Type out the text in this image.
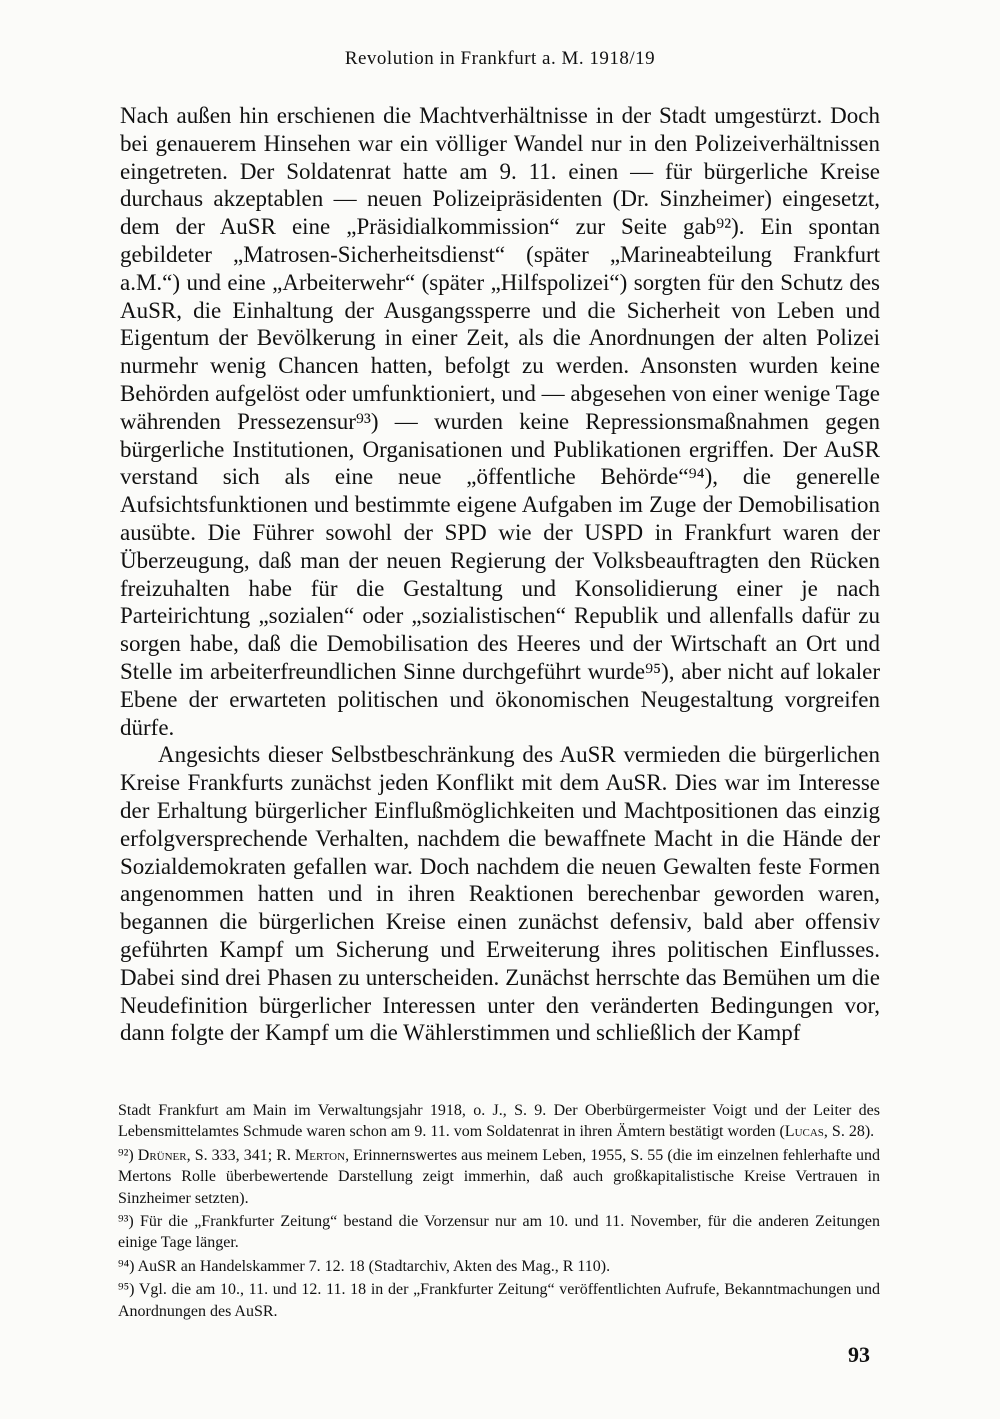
Revolution in Frankfurt a. M. 1918/19

Nach außen hin erschienen die Machtverhältnisse in der Stadt umgestürzt. Doch bei genauerem Hinsehen war ein völliger Wandel nur in den Polizeiverhältnissen eingetreten. Der Soldatenrat hatte am 9. 11. einen — für bürgerliche Kreise durchaus akzeptablen — neuen Polizeipräsidenten (Dr. Sinzheimer) eingesetzt, dem der AuSR eine „Präsidialkommission“ zur Seite gab⁹²). Ein spontan gebildeter „Matrosen-Sicherheitsdienst“ (später „Marineabteilung Frankfurt a.M.“) und eine „Arbeiterwehr“ (später „Hilfspolizei“) sorgten für den Schutz des AuSR, die Einhaltung der Ausgangssperre und die Sicherheit von Leben und Eigentum der Bevölkerung in einer Zeit, als die Anordnungen der alten Polizei nurmehr wenig Chancen hatten, befolgt zu werden. Ansonsten wurden keine Behörden aufgelöst oder umfunktioniert, und — abgesehen von einer wenige Tage währenden Pressezensur⁹³) — wurden keine Repressionsmaßnahmen gegen bürgerliche Institutionen, Organisationen und Publikationen ergriffen. Der AuSR verstand sich als eine neue „öffentliche Behörde“⁹⁴), die generelle Aufsichtsfunktionen und bestimmte eigene Aufgaben im Zuge der Demobilisation ausübte. Die Führer sowohl der SPD wie der USPD in Frankfurt waren der Überzeugung, daß man der neuen Regierung der Volksbeauftragten den Rücken freizuhalten habe für die Gestaltung und Konsolidierung einer je nach Parteirichtung „sozialen“ oder „sozialistischen“ Republik und allenfalls dafür zu sorgen habe, daß die Demobilisation des Heeres und der Wirtschaft an Ort und Stelle im arbeiterfreundlichen Sinne durchgeführt wurde⁹⁵), aber nicht auf lokaler Ebene der erwarteten politischen und ökonomischen Neugestaltung vorgreifen dürfe.

Angesichts dieser Selbstbeschränkung des AuSR vermieden die bürgerlichen Kreise Frankfurts zunächst jeden Konflikt mit dem AuSR. Dies war im Interesse der Erhaltung bürgerlicher Einflußmöglichkeiten und Machtpositionen das einzig erfolgversprechende Verhalten, nachdem die bewaffnete Macht in die Hände der Sozialdemokraten gefallen war. Doch nachdem die neuen Gewalten feste Formen angenommen hatten und in ihren Reaktionen berechenbar geworden waren, begannen die bürgerlichen Kreise einen zunächst defensiv, bald aber offensiv geführten Kampf um Sicherung und Erweiterung ihres politischen Einflusses. Dabei sind drei Phasen zu unterscheiden. Zunächst herrschte das Bemühen um die Neudefinition bürgerlicher Interessen unter den veränderten Bedingungen vor, dann folgte der Kampf um die Wählerstimmen und schließlich der Kampf

Stadt Frankfurt am Main im Verwaltungsjahr 1918, o. J., S. 9. Der Oberbürgermeister Voigt und der Leiter des Lebensmittelamtes Schmude waren schon am 9. 11. vom Soldatenrat in ihren Ämtern bestätigt worden (Lucas, S. 28).

⁹²) Drüner, S. 333, 341; R. Merton, Erinnernswertes aus meinem Leben, 1955, S. 55 (die im einzelnen fehlerhafte und Mertons Rolle überbewertende Darstellung zeigt immerhin, daß auch großkapitalistische Kreise Vertrauen in Sinzheimer setzten).

⁹³) Für die „Frankfurter Zeitung“ bestand die Vorzensur nur am 10. und 11. November, für die anderen Zeitungen einige Tage länger.

⁹⁴) AuSR an Handelskammer 7. 12. 18 (Stadtarchiv, Akten des Mag., R 110).

⁹⁵) Vgl. die am 10., 11. und 12. 11. 18 in der „Frankfurter Zeitung“ veröffentlichten Aufrufe, Bekanntmachungen und Anordnungen des AuSR.

93
